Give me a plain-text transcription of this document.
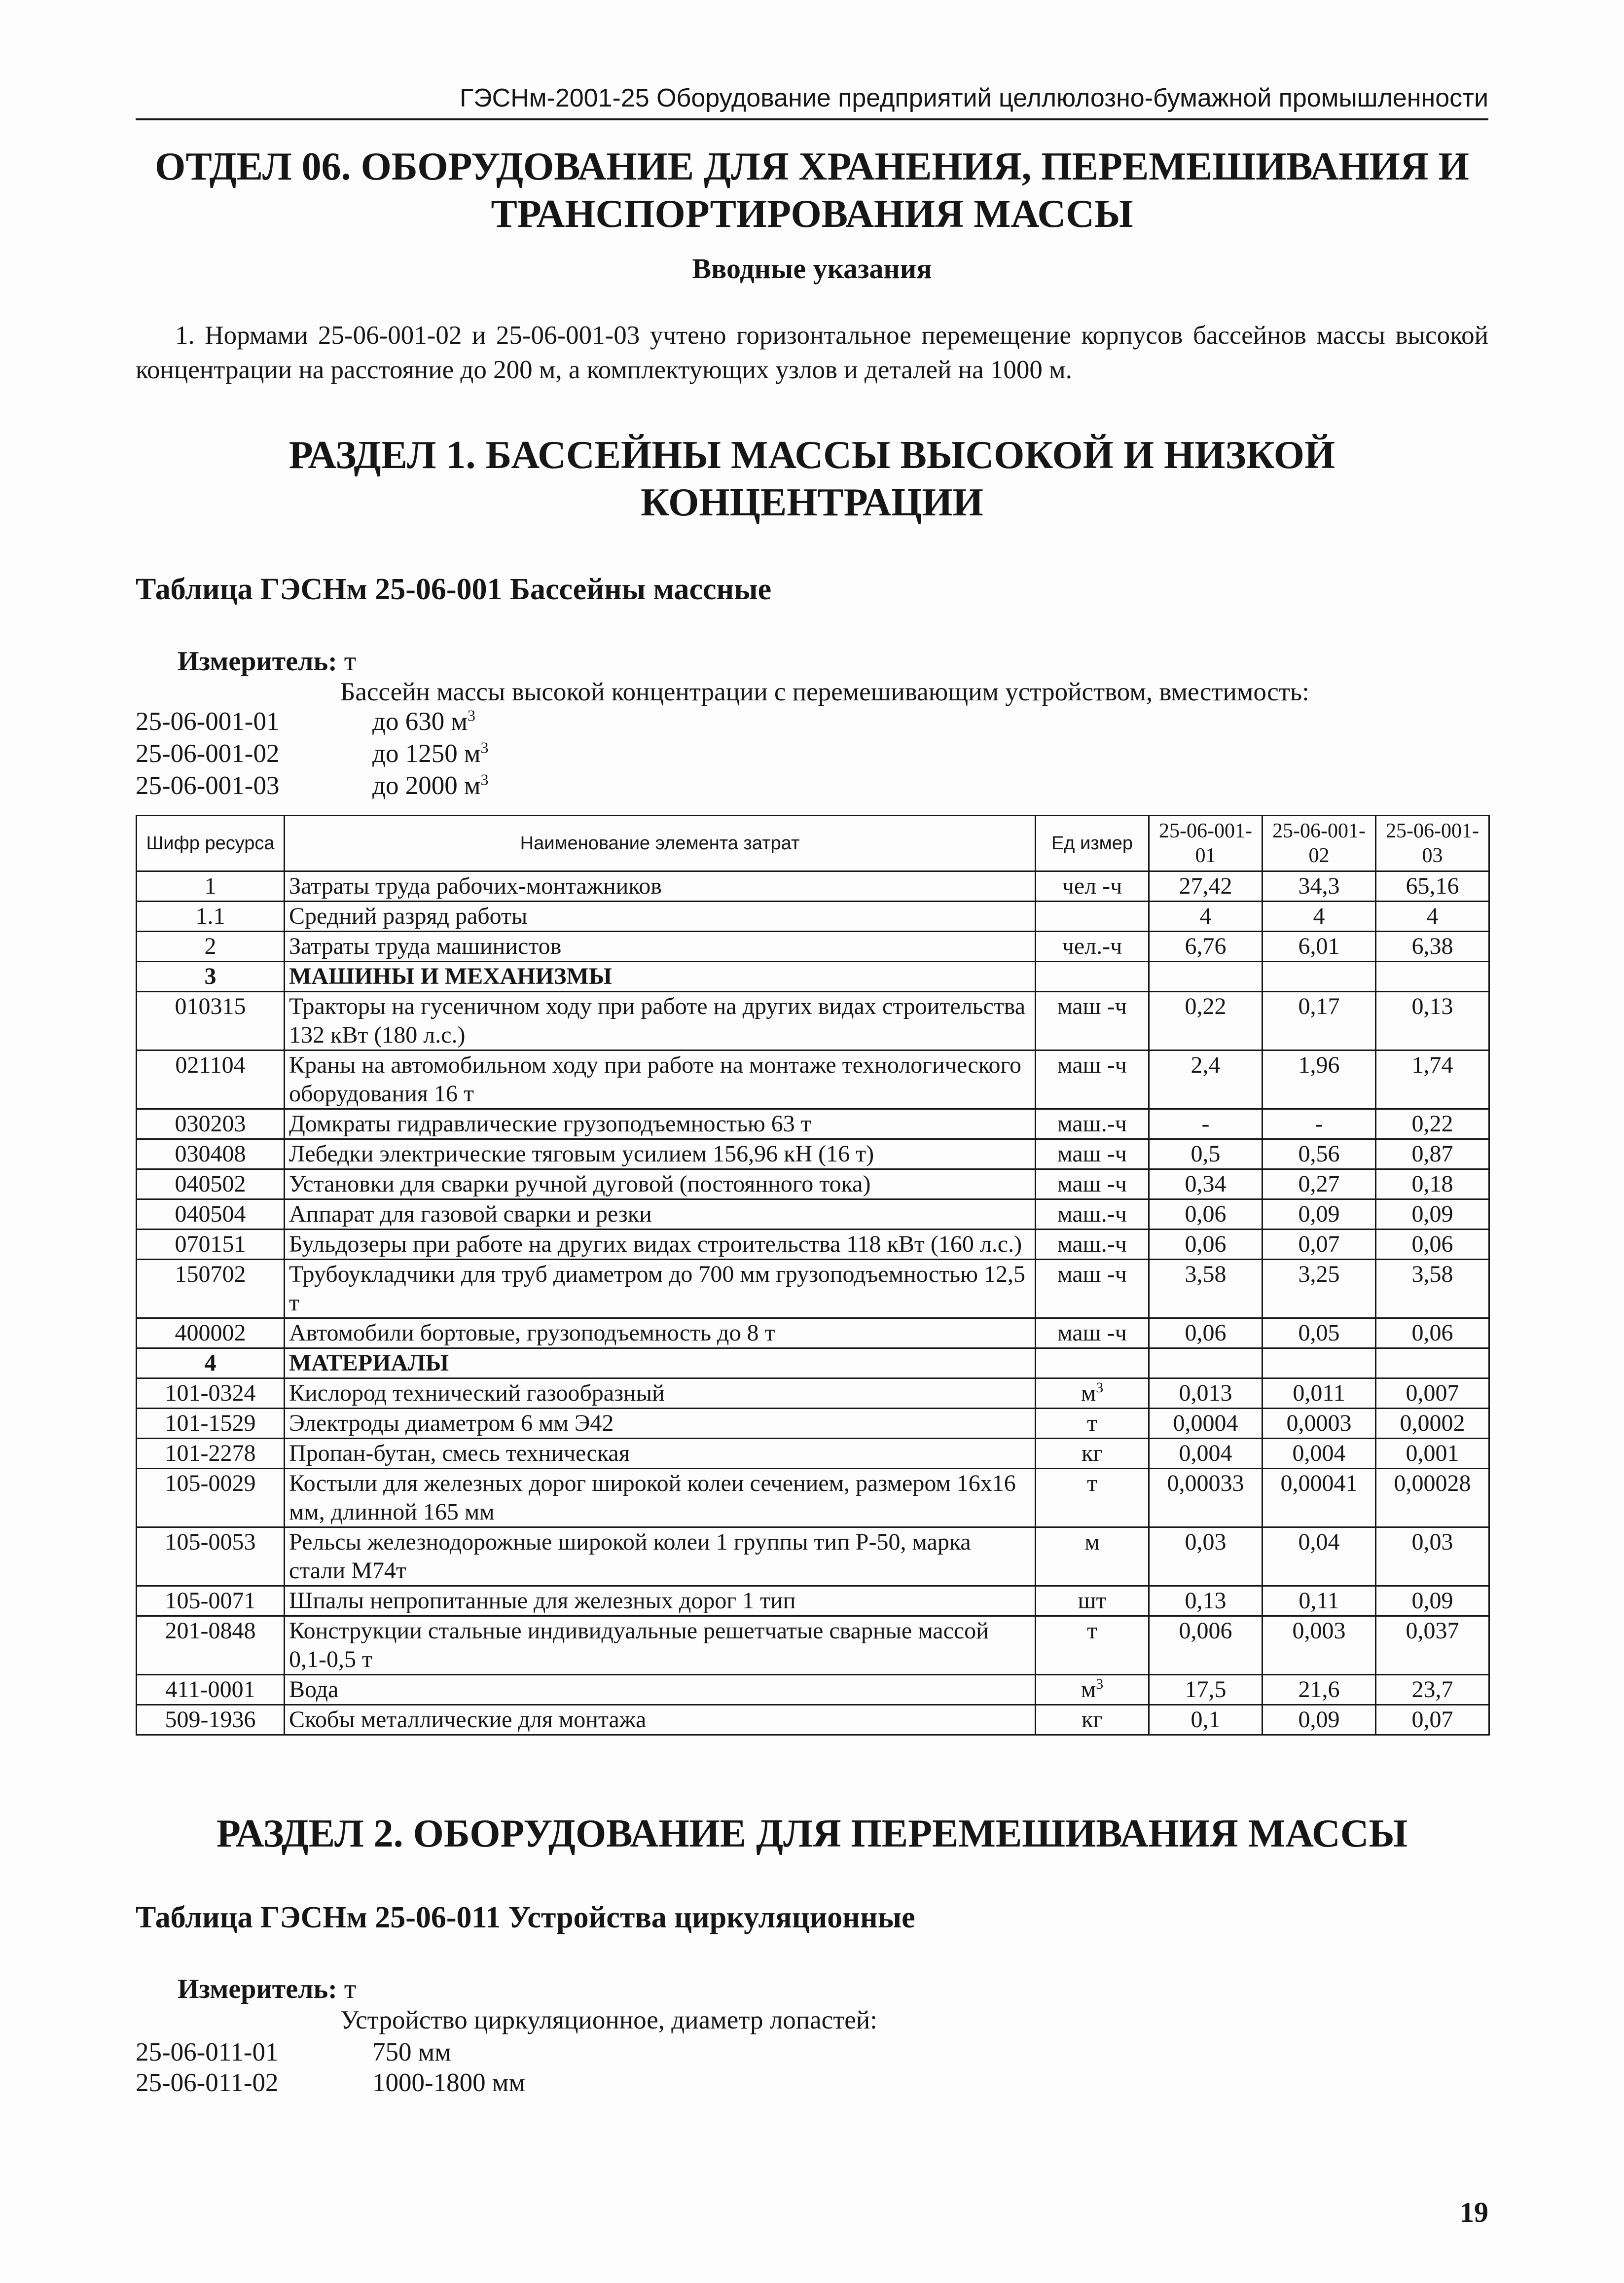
ГЭСНм-2001-25 Оборудование предприятий целлюлозно-бумажной промышленности
ОТДЕЛ 06. ОБОРУДОВАНИЕ ДЛЯ ХРАНЕНИЯ, ПЕРЕМЕШИВАНИЯ И ТРАНСПОРТИРОВАНИЯ МАССЫ
Вводные указания
1. Нормами 25-06-001-02 и 25-06-001-03 учтено горизонтальное перемещение корпусов бассейнов массы высокой концентрации на расстояние до 200 м, а комплектующих узлов и деталей на 1000 м.
РАЗДЕЛ 1. БАССЕЙНЫ МАССЫ ВЫСОКОЙ И НИЗКОЙ КОНЦЕНТРАЦИИ
Таблица ГЭСНм 25-06-001 Бассейны массные
Измеритель: т
Бассейн массы высокой концентрации с перемешивающим устройством, вместимость:
25-06-001-01	до 630 $м^3$
25-06-001-02	до 1250 $м^3$
25-06-001-03	до 2000 $м^3$
Шифр ресурса	Наименование элемента затрат	Ед измер	25-06-001-01	25-06-001-02	25-06-001-03
1	Затраты труда рабочих-монтажников	чел -ч	27,42	34,3	65,16
1.1	Средний разряд работы		4	4	4
2	Затраты труда машинистов	чел.-ч	6,76	6,01	6,38
3	МАШИНЫ И МЕХАНИЗМЫ				
010315	Тракторы на гусеничном ходу при работе на других видах строительства 132 кВт (180 л.с.)	маш -ч	0,22	0,17	0,13
021104	Краны на автомобильном ходу при работе на монтаже технологического оборудования 16 т	маш -ч	2,4	1,96	1,74
030203	Домкраты гидравлические грузоподъемностью 63 т	маш.-ч	-	-	0,22
030408	Лебедки электрические тяговым усилием 156,96 кН (16 т)	маш -ч	0,5	0,56	0,87
040502	Установки для сварки ручной дуговой (постоянного тока)	маш -ч	0,34	0,27	0,18
040504	Аппарат для газовой сварки и резки	маш.-ч	0,06	0,09	0,09
070151	Бульдозеры при работе на других видах строительства 118 кВт (160 л.с.)	маш.-ч	0,06	0,07	0,06
150702	Трубоукладчики для труб диаметром до 700 мм грузоподъемностью 12,5 т	маш -ч	3,58	3,25	3,58
400002	Автомобили бортовые, грузоподъемность до 8 т	маш -ч	0,06	0,05	0,06
4	МАТЕРИАЛЫ				
101-0324	Кислород технический газообразный	$м^3$	0,013	0,011	0,007
101-1529	Электроды диаметром 6 мм Э42	т	0,0004	0,0003	0,0002
101-2278	Пропан-бутан, смесь техническая	кг	0,004	0,004	0,001
105-0029	Костыли для железных дорог широкой колеи сечением, размером 16х16 мм, длинной 165 мм	т	0,00033	0,00041	0,00028
105-0053	Рельсы железнодорожные широкой колеи 1 группы тип Р-50, марка стали М74т	м	0,03	0,04	0,03
105-0071	Шпалы непропитанные для железных дорог 1 тип	шт	0,13	0,11	0,09
201-0848	Конструкции стальные индивидуальные решетчатые сварные массой 0,1-0,5 т	т	0,006	0,003	0,037
411-0001	Вода	$м^3$	17,5	21,6	23,7
509-1936	Скобы металлические для монтажа	кг	0,1	0,09	0,07
РАЗДЕЛ 2. ОБОРУДОВАНИЕ ДЛЯ ПЕРЕМЕШИВАНИЯ МАССЫ
Таблица ГЭСНм 25-06-011 Устройства циркуляционные
Измеритель: т
Устройство циркуляционное, диаметр лопастей:
25-06-011-01	750 мм
25-06-011-02	1000-1800 мм
19
